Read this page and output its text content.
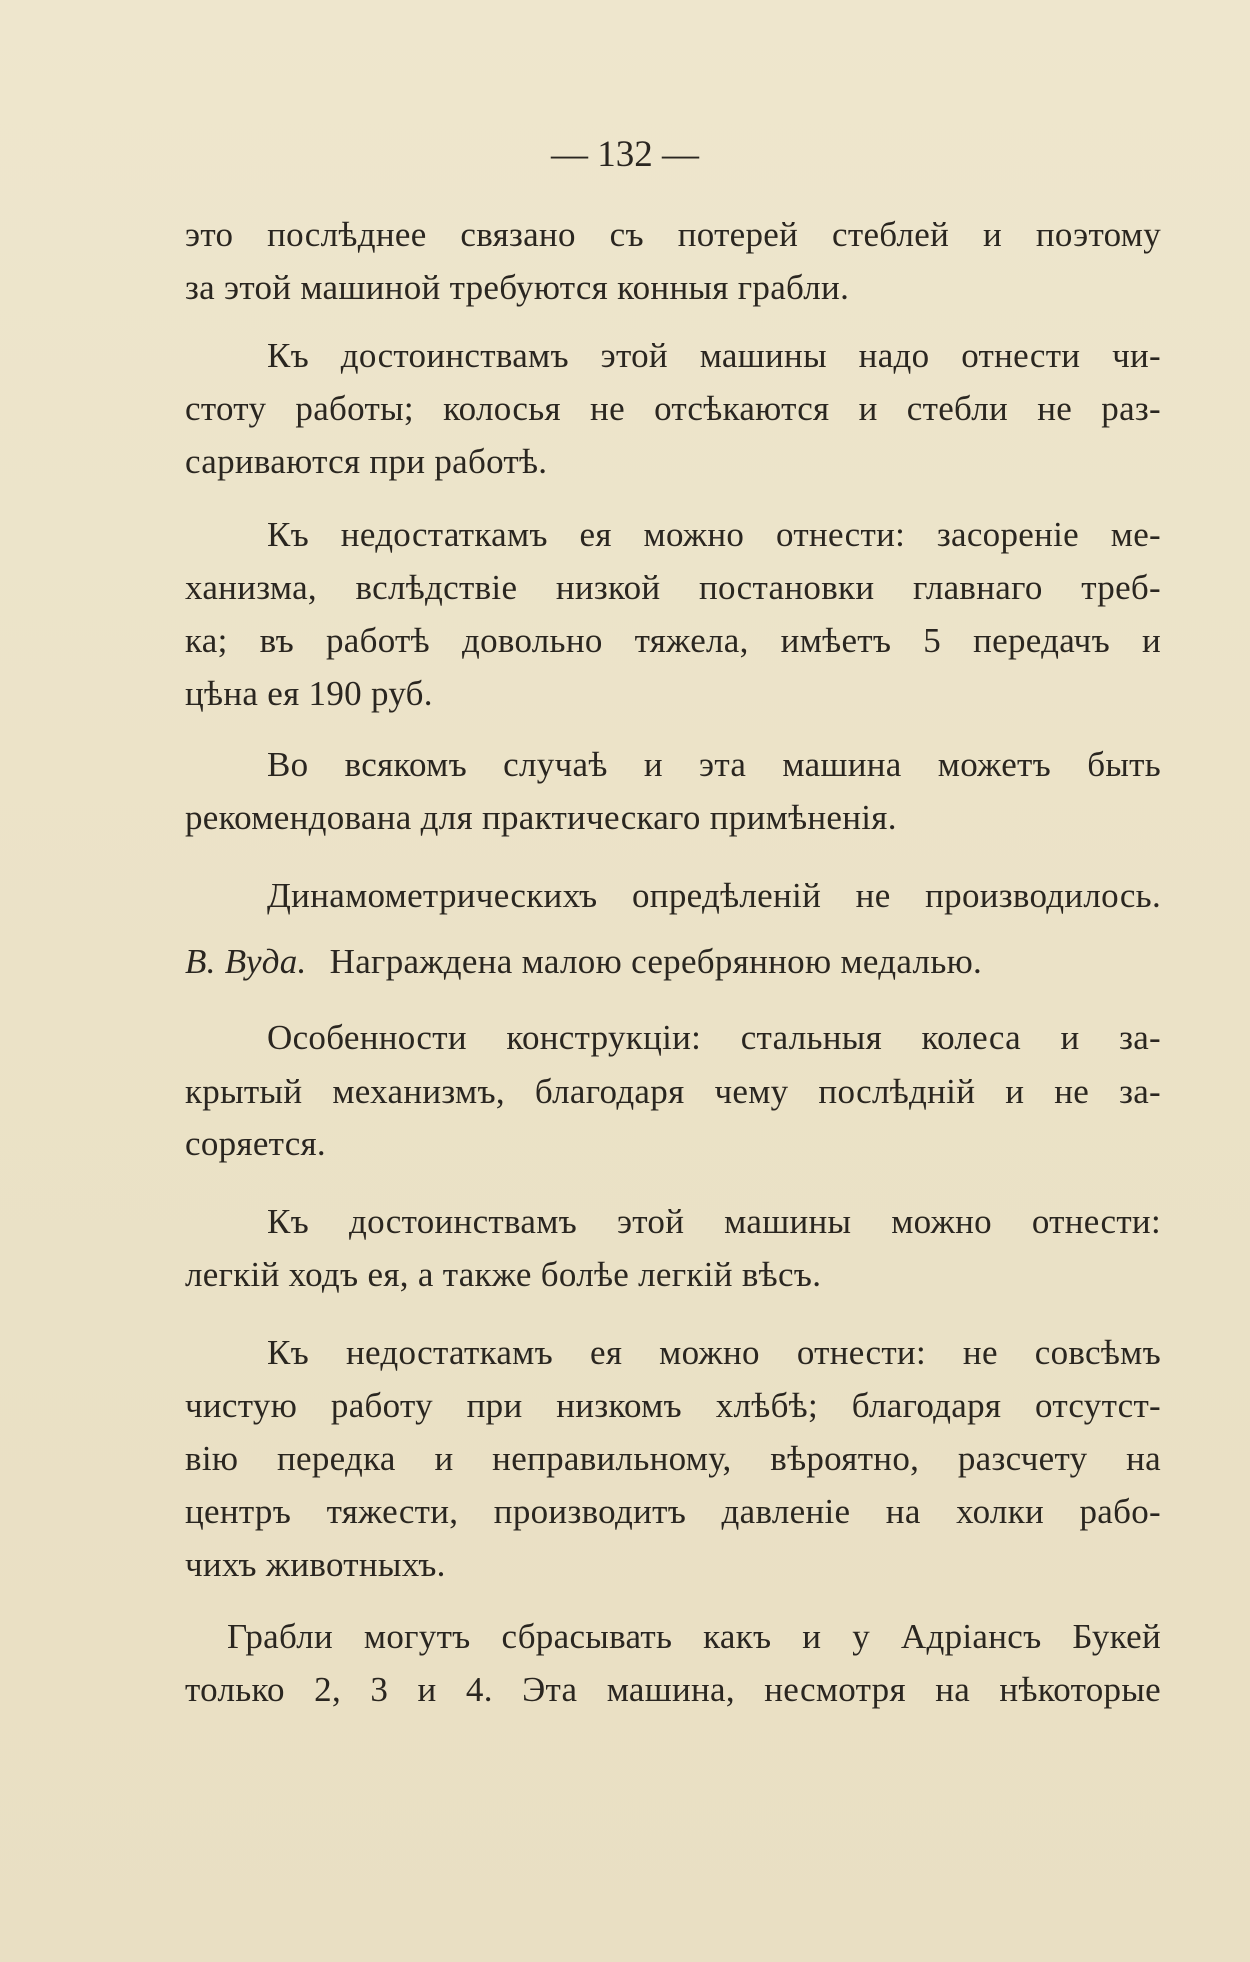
— 132 —
это послѣднее связано съ потерей стеблей и поэтому
за этой машиной требуются конныя грабли.
Къ достоинствамъ этой машины надо отнести чи-
стоту работы; колосья не отсѣкаются и стебли не раз-
сариваются при работѣ.
Къ недостаткамъ ея можно отнести: засореніе ме-
ханизма, вслѣдствіе низкой постановки главнаго треб-
ка; въ работѣ довольно тяжела, имѣетъ 5 передачъ и
цѣна ея 190 руб.
Во всякомъ случаѣ и эта машина можетъ быть
рекомендована для практическаго примѣненія.
Динамометрическихъ опредѣленій не производилось.
В. Вуда. Награждена малою серебрянною медалью.
Особенности конструкціи: стальныя колеса и за-
крытый механизмъ, благодаря чему послѣдній и не за-
соряется.
Къ достоинствамъ этой машины можно отнести:
легкій ходъ ея, а также болѣе легкій вѣсъ.
Къ недостаткамъ ея можно отнести: не совсѣмъ
чистую работу при низкомъ хлѣбѣ; благодаря отсутст-
вію передка и неправильному, вѣроятно, разсчету на
центръ тяжести, производитъ давленіе на холки рабо-
чихъ животныхъ.
Грабли могутъ сбрасывать какъ и у Адріансъ Букей
только 2, 3 и 4. Эта машина, несмотря на нѣкоторые
